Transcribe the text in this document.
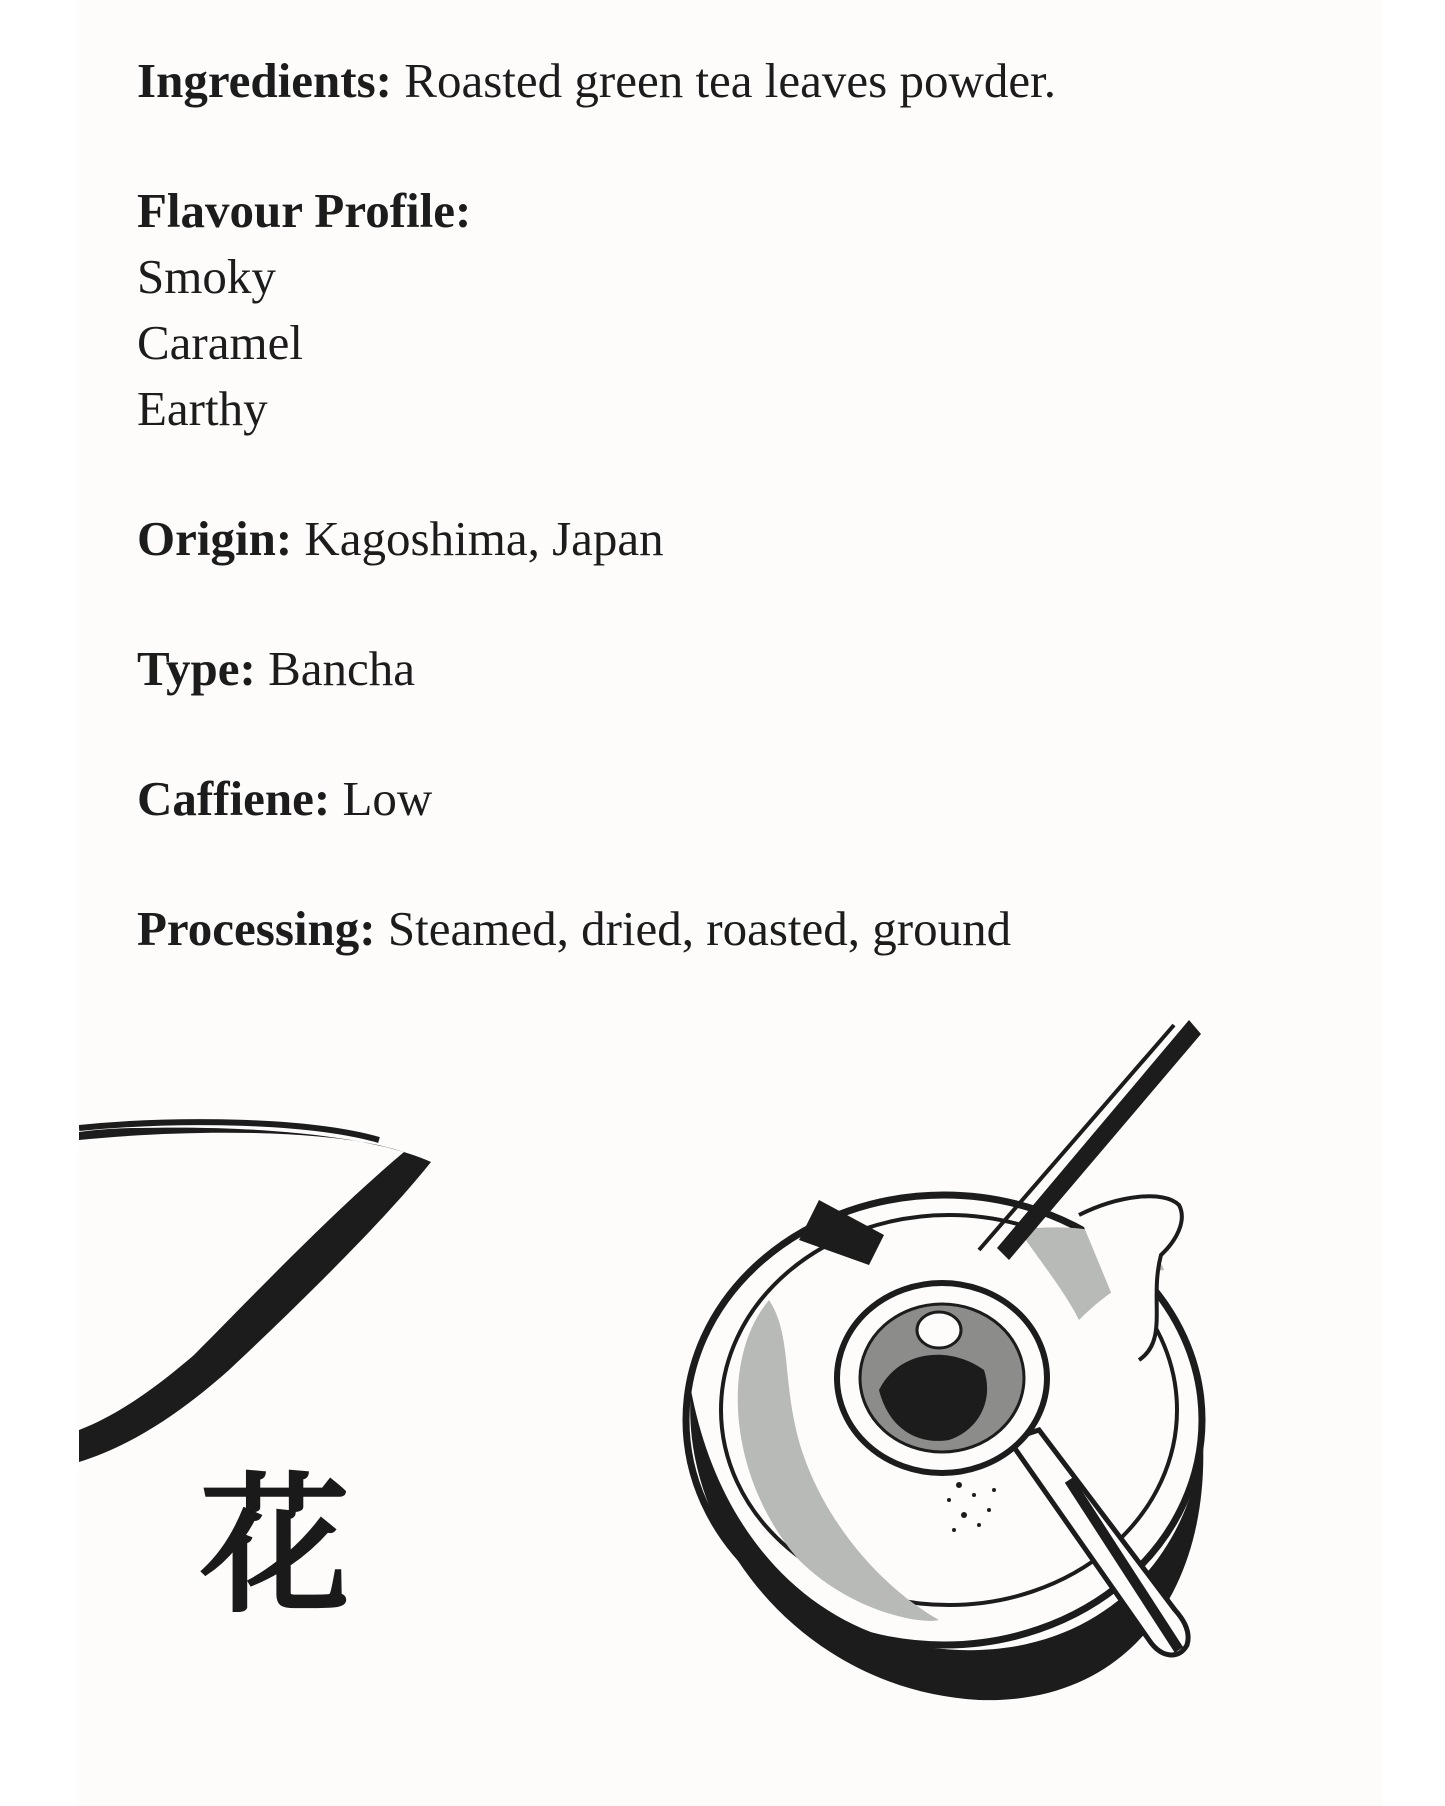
Ingredients: Roasted green tea leaves powder.
Flavour Profile:
Smoky
Caramel
Earthy
Origin: Kagoshima, Japan
Type: Bancha
Caffiene: Low
Processing: Steamed, dried, roasted, ground
花
